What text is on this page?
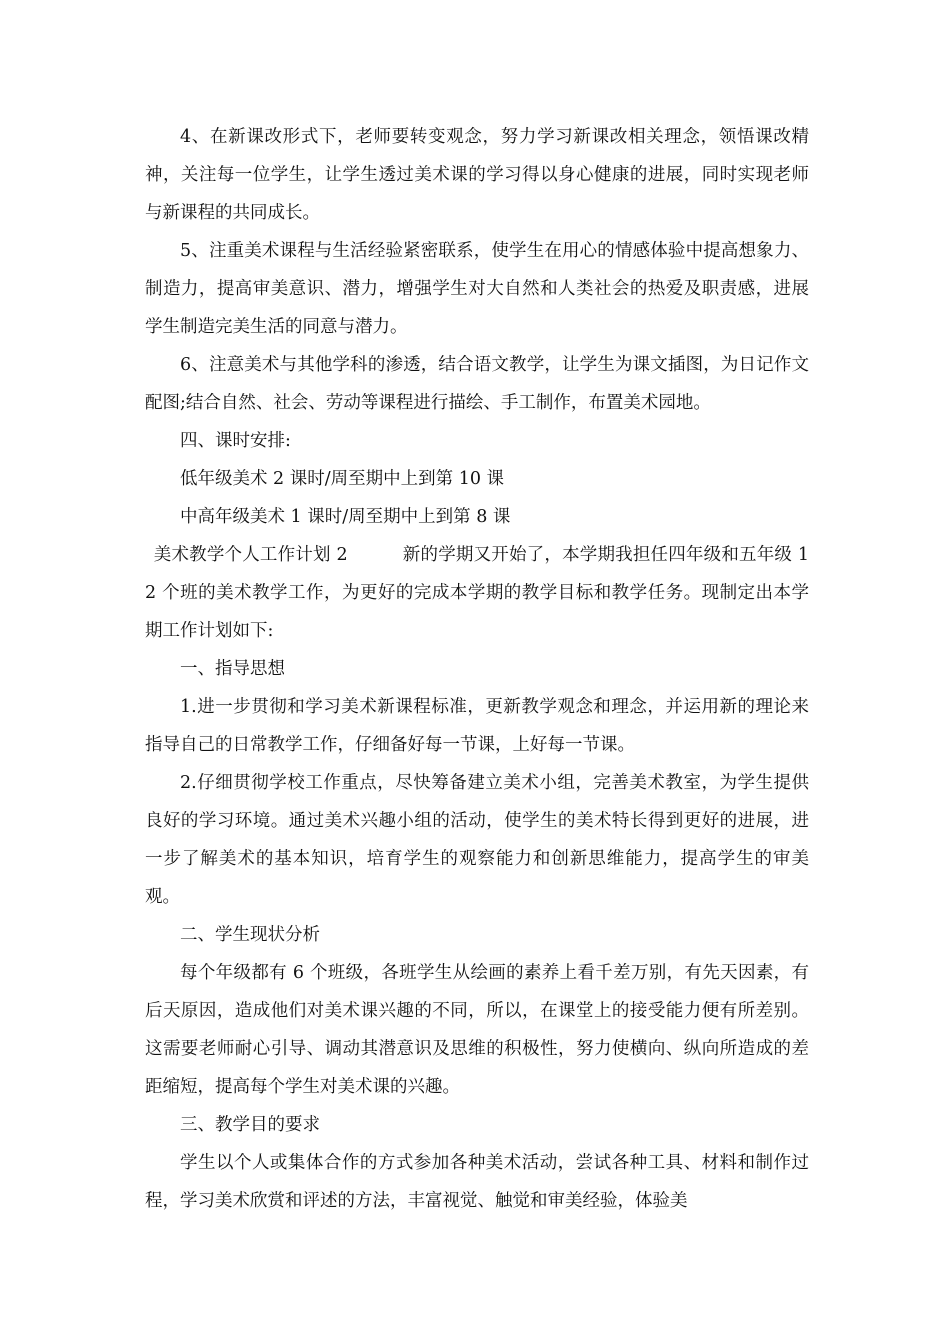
4、在新课改形式下，老师要转变观念，努力学习新课改相关理念，领悟课改精神，关注每一位学生，让学生透过美术课的学习得以身心健康的进展，同时实现老师与新课程的共同成长。

5、注重美术课程与生活经验紧密联系，使学生在用心的情感体验中提高想象力、制造力，提高审美意识、潜力，增强学生对大自然和人类社会的热爱及职责感，进展学生制造完美生活的同意与潜力。

6、注意美术与其他学科的渗透，结合语文教学，让学生为课文插图，为日记作文配图;结合自然、社会、劳动等课程进行描绘、手工制作，布置美术园地。

四、课时安排:

低年级美术 2 课时/周至期中上到第 10 课

中高年级美术 1 课时/周至期中上到第 8 课

美术教学个人工作计划 2	新的学期又开始了，本学期我担任四年级和五年级 12 个班的美术教学工作，为更好的完成本学期的教学目标和教学任务。现制定出本学期工作计划如下:

一、指导思想

1.进一步贯彻和学习美术新课程标准，更新教学观念和理念，并运用新的理论来指导自己的日常教学工作，仔细备好每一节课，上好每一节课。

2.仔细贯彻学校工作重点，尽快筹备建立美术小组，完善美术教室，为学生提供良好的学习环境。通过美术兴趣小组的活动，使学生的美术特长得到更好的进展，进一步了解美术的基本知识，培育学生的观察能力和创新思维能力，提高学生的审美观。

二、学生现状分析

每个年级都有 6 个班级，各班学生从绘画的素养上看千差万别，有先天因素，有后天原因，造成他们对美术课兴趣的不同，所以，在课堂上的接受能力便有所差别。这需要老师耐心引导、调动其潜意识及思维的积极性，努力使横向、纵向所造成的差距缩短，提高每个学生对美术课的兴趣。

三、教学目的要求

学生以个人或集体合作的方式参加各种美术活动，尝试各种工具、材料和制作过程，学习美术欣赏和评述的方法，丰富视觉、触觉和审美经验，体验美
